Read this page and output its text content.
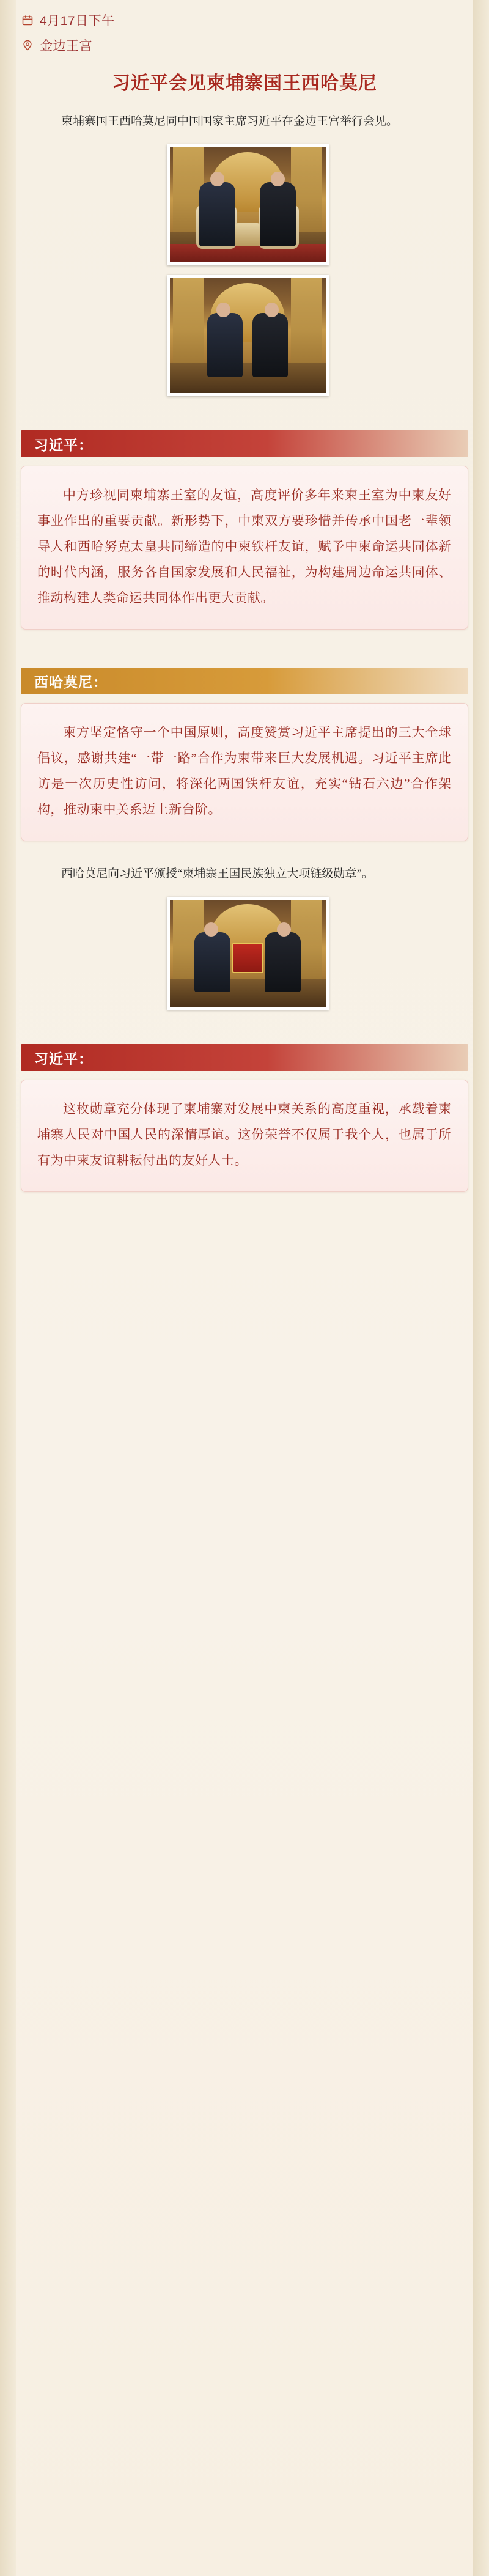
4月17日下午
金边王宫
习近平会见柬埔寨国王西哈莫尼

柬埔寨国王西哈莫尼同中国国家主席习近平在金边王宫举行会见。

习近平：
中方珍视同柬埔寨王室的友谊，高度评价多年来柬王室为中柬友好事业作出的重要贡献。新形势下，中柬双方要珍惜并传承中国老一辈领导人和西哈努克太皇共同缔造的中柬铁杆友谊，赋予中柬命运共同体新的时代内涵，服务各自国家发展和人民福祉，为构建周边命运共同体、推动构建人类命运共同体作出更大贡献。
西哈莫尼：
柬方坚定恪守一个中国原则，高度赞赏习近平主席提出的三大全球倡议，感谢共建“一带一路”合作为柬带来巨大发展机遇。习近平主席此访是一次历史性访问，将深化两国铁杆友谊，充实“钻石六边”合作架构，推动柬中关系迈上新台阶。

西哈莫尼向习近平颁授“柬埔寨王国民族独立大项链级勋章”。

习近平：
这枚勋章充分体现了柬埔寨对发展中柬关系的高度重视，承载着柬埔寨人民对中国人民的深情厚谊。这份荣誉不仅属于我个人，也属于所有为中柬友谊耕耘付出的友好人士。
